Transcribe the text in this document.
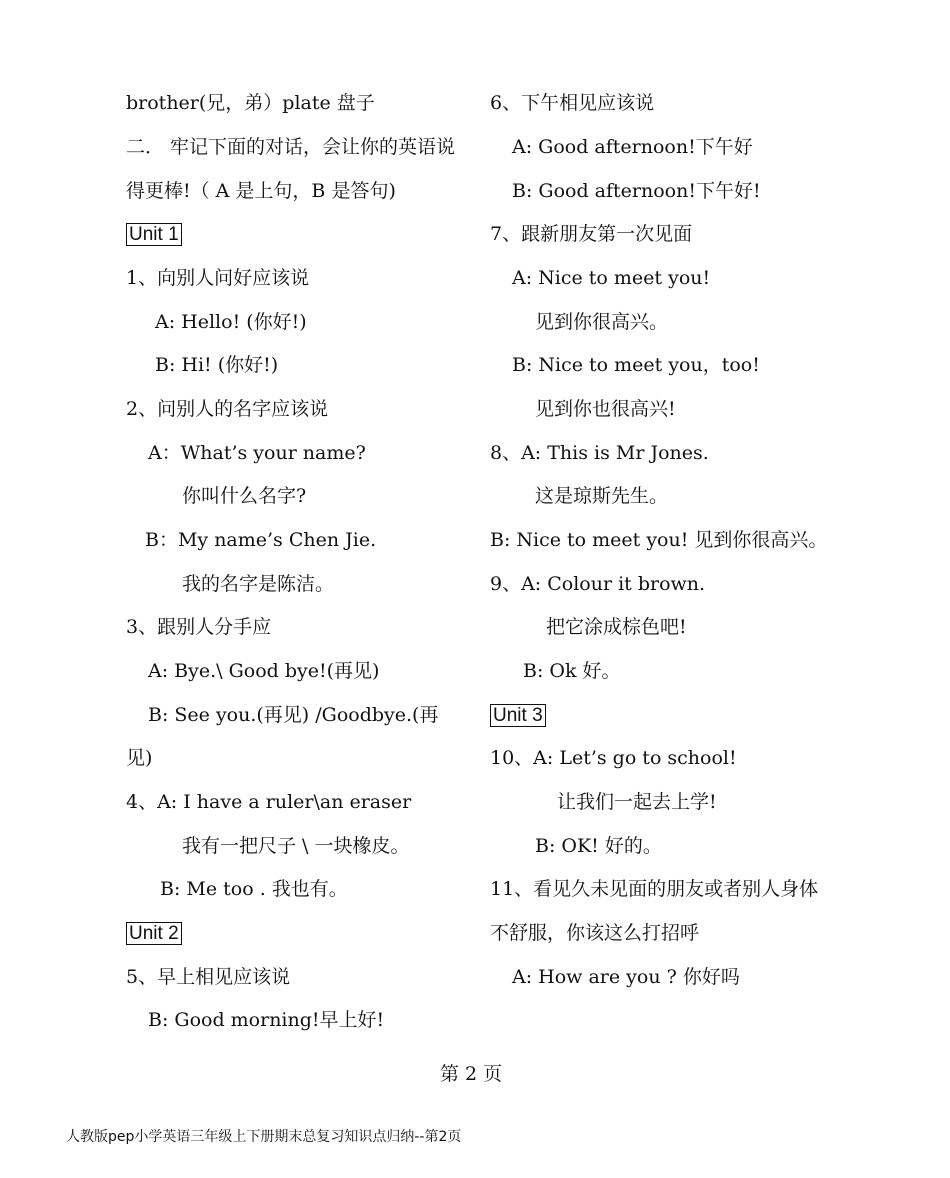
brother(兄，弟）plate 盘子
二． 牢记下面的对话，会让你的英语说
得更棒!（ A 是上句，B 是答句)
Unit 1
1、向别人问好应该说
A: Hello! (你好!)
B: Hi! (你好!)
2、问别人的名字应该说
A：What’s your name?
你叫什么名字?
B：My name’s Chen Jie.
我的名字是陈洁。
3、跟别人分手应
A: Bye.\ Good bye!(再见)
B: See you.(再见) /Goodbye.(再
见)
4、A: I have a ruler\an eraser
我有一把尺子 \ 一块橡皮。
B: Me too . 我也有。
Unit 2
5、早上相见应该说
B: Good morning!早上好!
6、下午相见应该说
A: Good afternoon!下午好
B: Good afternoon!下午好!
7、跟新朋友第一次见面
A: Nice to meet you!
见到你很高兴。
B: Nice to meet you，too!
见到你也很高兴!
8、A: This is Mr Jones.
这是琼斯先生。
B: Nice to meet you! 见到你很高兴。
9、A: Colour it brown.
把它涂成棕色吧!
B: Ok 好。
Unit 3
10、A: Let’s go to school!
让我们一起去上学!
B: OK! 好的。
11、看见久未见面的朋友或者别人身体
不舒服，你该这么打招呼
A: How are you ? 你好吗
第 2 页
人教版pep小学英语三年级上下册期末总复习知识点归纳--第2页
